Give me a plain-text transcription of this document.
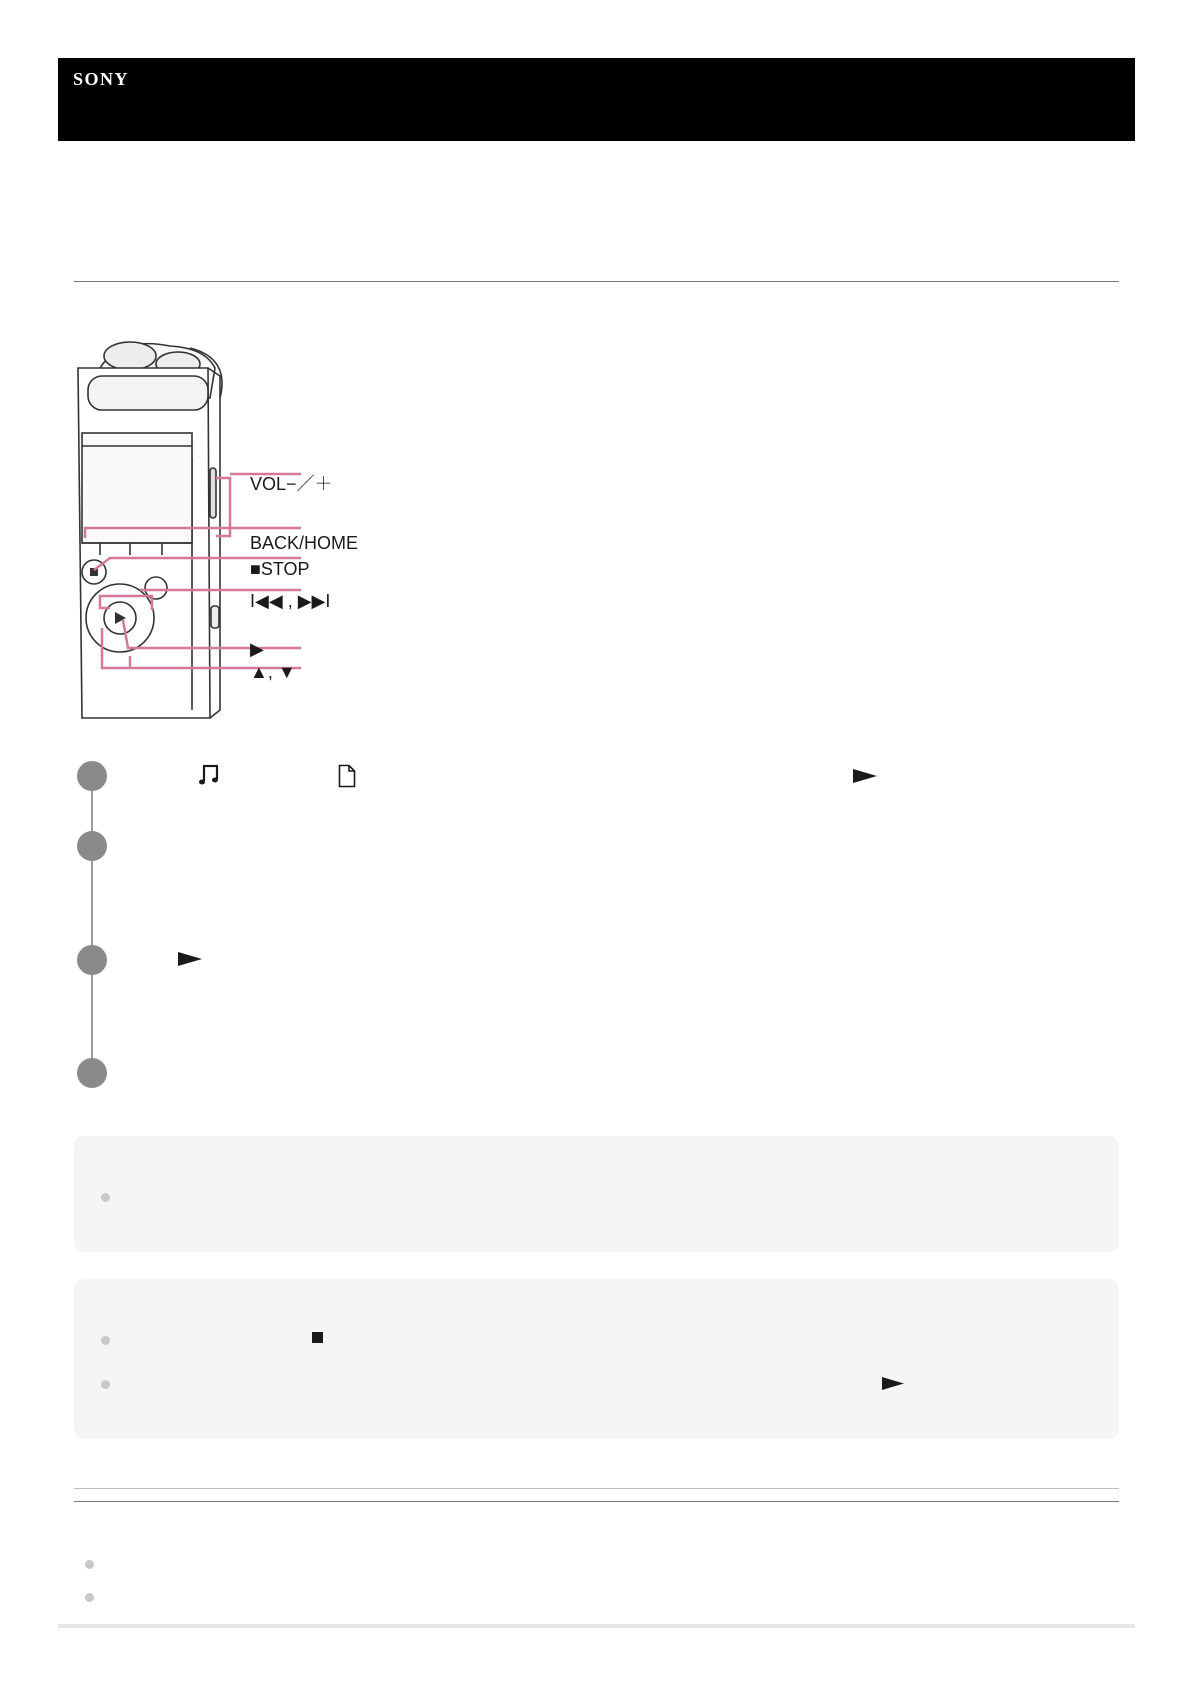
SONY
VOL−／＋
BACK/HOME
■STOP
I◀◀ , ▶▶I
▶
▲, ▼
